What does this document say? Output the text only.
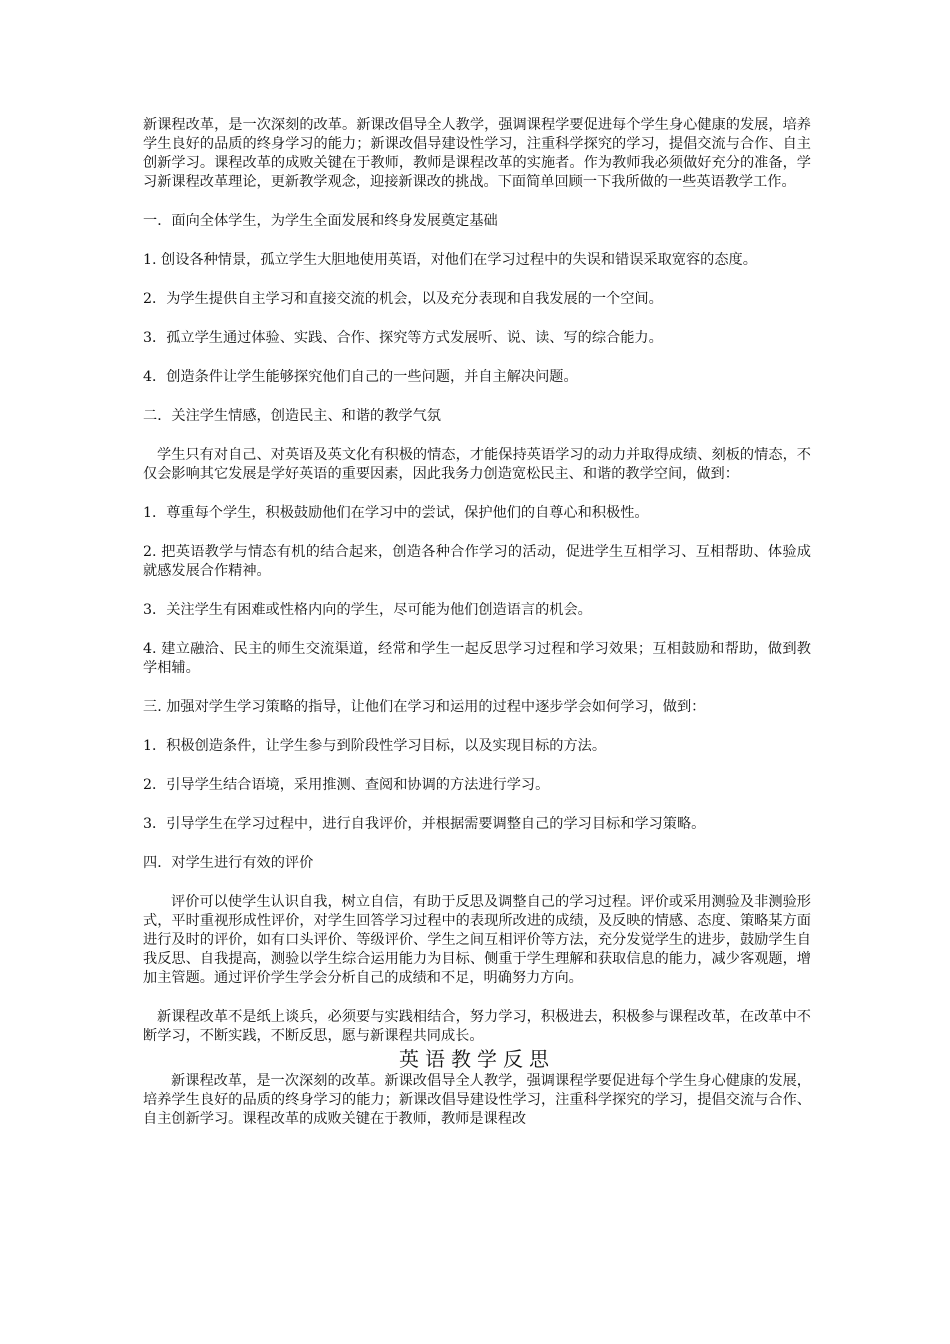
新课程改革，是一次深刻的改革。新课改倡导全人教学，强调课程学要促进每个学生身心健康的发展，培养学生良好的品质的终身学习的能力；新课改倡导建设性学习，注重科学探究的学习，提倡交流与合作、自主创新学习。课程改革的成败关键在于教师，教师是课程改革的实施者。作为教师我必须做好充分的准备，学习新课程改革理论，更新教学观念，迎接新课改的挑战。下面简单回顾一下我所做的一些英语教学工作。

一．面向全体学生，为学生全面发展和终身发展奠定基础

1. 创设各种情景，孤立学生大胆地使用英语，对他们在学习过程中的失误和错误采取宽容的态度。

2．为学生提供自主学习和直接交流的机会，以及充分表现和自我发展的一个空间。

3．孤立学生通过体验、实践、合作、探究等方式发展听、说、读、写的综合能力。

4．创造条件让学生能够探究他们自己的一些问题，并自主解决问题。

二．关注学生情感，创造民主、和谐的教学气氛

学生只有对自己、对英语及英文化有积极的情态，才能保持英语学习的动力并取得成绩、刻板的情态，不仅会影响其它发展是学好英语的重要因素，因此我务力创造宽松民主、和谐的教学空间，做到：

1．尊重每个学生，积极鼓励他们在学习中的尝试，保护他们的自尊心和积极性。

2. 把英语教学与情态有机的结合起来，创造各种合作学习的活动，促进学生互相学习、互相帮助、体验成就感发展合作精神。

3．关注学生有困难或性格内向的学生，尽可能为他们创造语言的机会。

4. 建立融洽、民主的师生交流渠道，经常和学生一起反思学习过程和学习效果；互相鼓励和帮助，做到教学相辅。

三. 加强对学生学习策略的指导，让他们在学习和运用的过程中逐步学会如何学习，做到：

1．积极创造条件，让学生参与到阶段性学习目标，以及实现目标的方法。

2．引导学生结合语境，采用推测、查阅和协调的方法进行学习。

3．引导学生在学习过程中，进行自我评价，并根据需要调整自己的学习目标和学习策略。

四．对学生进行有效的评价

评价可以使学生认识自我，树立自信，有助于反思及调整自己的学习过程。评价或采用测验及非测验形式，平时重视形成性评价，对学生回答学习过程中的表现所改进的成绩，及反映的情感、态度、策略某方面进行及时的评价，如有口头评价、等级评价、学生之间互相评价等方法，充分发觉学生的进步，鼓励学生自我反思、自我提高，测验以学生综合运用能力为目标、侧重于学生理解和获取信息的能力，减少客观题，增加主管题。通过评价学生学会分析自己的成绩和不足，明确努力方向。

新课程改革不是纸上谈兵，必须要与实践相结合，努力学习，积极进去，积极参与课程改革，在改革中不断学习，不断实践，不断反思，愿与新课程共同成长。

英语教学反思

新课程改革，是一次深刻的改革。新课改倡导全人教学，强调课程学要促进每个学生身心健康的发展，培养学生良好的品质的终身学习的能力；新课改倡导建设性学习，注重科学探究的学习，提倡交流与合作、自主创新学习。课程改革的成败关键在于教师，教师是课程改
